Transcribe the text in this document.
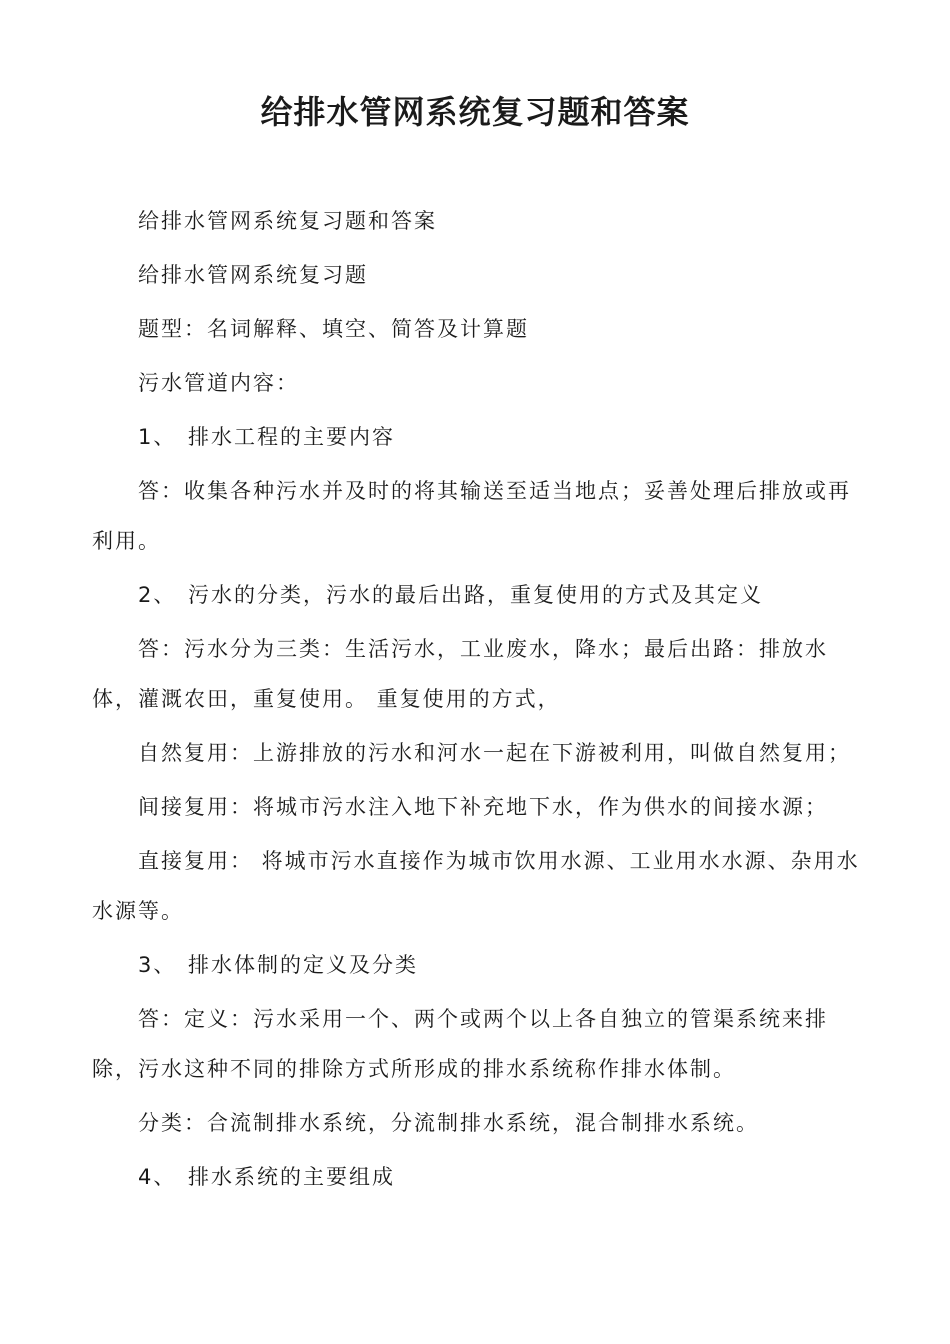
给排水管网系统复习题和答案

给排水管网系统复习题和答案

给排水管网系统复习题

题型：名词解释、填空、简答及计算题

污水管道内容：

1、 排水工程的主要内容

答：收集各种污水并及时的将其输送至适当地点；妥善处理后排放或再利用。

2、 污水的分类，污水的最后出路，重复使用的方式及其定义

答：污水分为三类：生活污水，工业废水，降水；最后出路：排放水体，灌溉农田，重复使用。 重复使用的方式，

自然复用：上游排放的污水和河水一起在下游被利用，叫做自然复用；

间接复用：将城市污水注入地下补充地下水，作为供水的间接水源；

直接复用： 将城市污水直接作为城市饮用水源、工业用水水源、杂用水水源等。

3、 排水体制的定义及分类

答：定义：污水采用一个、两个或两个以上各自独立的管渠系统来排除，污水这种不同的排除方式所形成的排水系统称作排水体制。

分类：合流制排水系统，分流制排水系统，混合制排水系统。

4、 排水系统的主要组成
